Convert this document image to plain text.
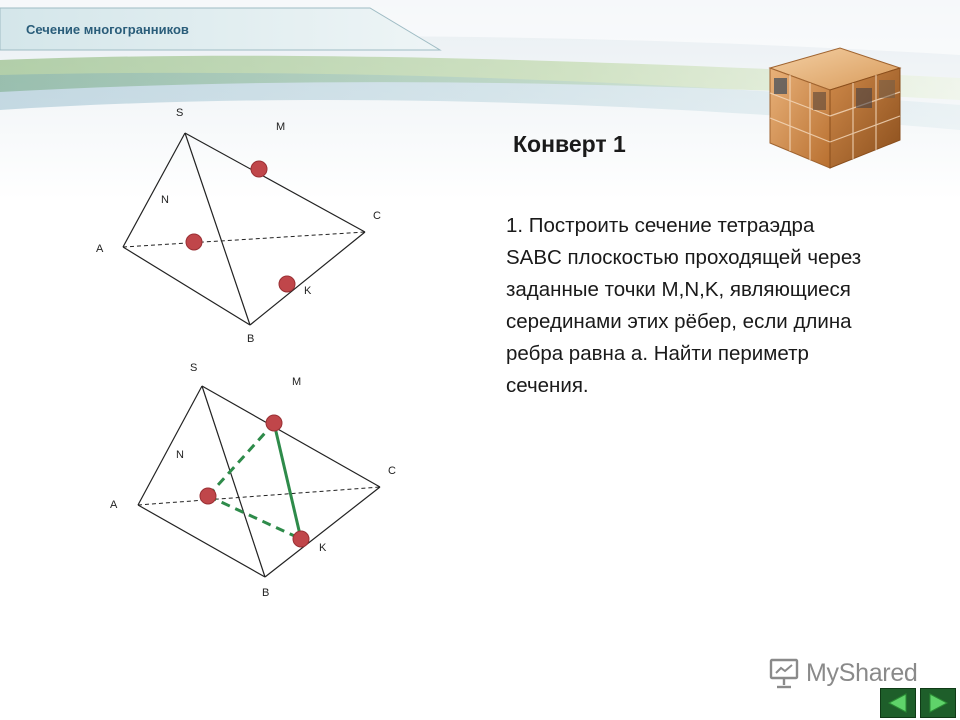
Сечение многогранников
Конверт 1
1. Построить сечение тетраэдра
SABC плоскостью проходящей через
заданные точки M,N,K, являющиеся
серединами этих рёбер, если длина
ребра равна а. Найти периметр
сечения.
S
M
N
C
A
K
B
S
M
N
C
A
K
B
MyShared
